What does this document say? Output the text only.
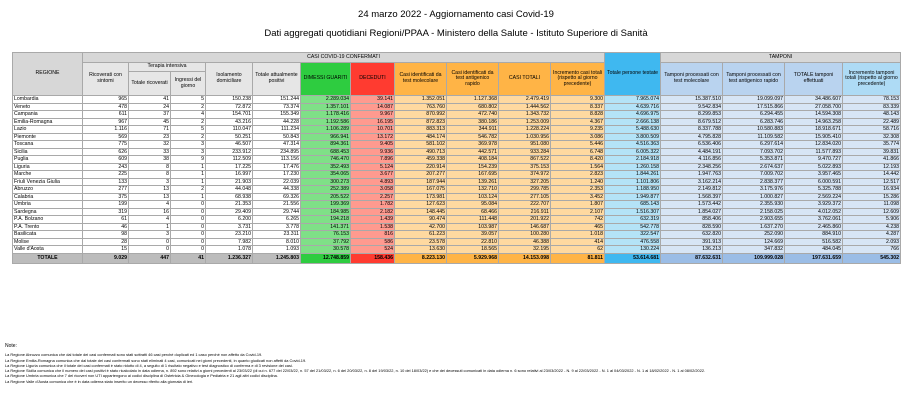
24 marzo 2022 - Aggiornamento casi Covid-19
Dati aggregati quotidiani Regioni/PPAA - Ministero della Salute - Istituto Superiore di Sanità
REGIONE	CASI COVID-19 CONFERMATI											Totale persone testate	TAMPONI			
	Ricoverati con sintomi	Terapia intensiva		Isolamento domiciliare	Totale attualmente positivi	DIMESSI GUARITI	DECEDUTI	Casi identificati da test molecolare	Casi identificati da test antigenico rapido	CASI TOTALI	Incremento casi totali (rispetto al giorno precedente)		Tamponi processati con test molecolare	Tamponi processati con test antigenico rapido	TOTALE tamponi effettuati	Incremento tamponi totali (rispetto al giorno precedente)
		Totale ricoverati	Ingressi del giorno													
Lombardia	965	41	5	150.238	151.244	2.289.034	39.141	1.352.051	1.127.368	2.479.419	9.300	7.965.074	15.387.510	19.099.097	34.486.607	78.153
Veneto	478	24	2	72.872	73.374	1.357.101	14.087	763.760	680.802	1.444.562	8.337	4.639.716	9.542.834	17.515.866	27.058.700	83.339
Campania	611	37	4	154.701	155.349	1.178.416	9.967	870.992	472.740	1.343.732	8.828	4.696.975	8.299.853	6.294.455	14.594.308	48.143
Emilia-Romagna	967	45	2	43.216	44.228	1.192.586	16.195	872.823	380.186	1.253.009	4.367	2.666.138	8.679.512	6.283.746	14.963.258	22.489
Lazio	1.116	71	5	110.047	111.234	1.106.289	10.701	883.313	344.911	1.228.224	9.235	5.488.630	8.337.788	10.580.883	18.918.671	58.716
Piemonte	569	23	2	50.251	50.843	966.941	13.172	484.174	546.782	1.030.956	3.086	3.800.509	4.795.828	11.109.582	15.905.410	32.308
Toscana	775	32	3	46.507	47.314	894.361	9.405	581.102	369.978	951.080	5.446	4.516.363	6.536.406	6.297.614	12.834.020	35.774
Sicilia	626	33	3	233.912	234.895	688.453	9.936	490.713	442.571	933.284	6.748	6.005.322	4.484.191	7.093.702	11.577.893	39.831
Puglia	609	38	9	112.509	113.156	746.470	7.896	459.338	408.184	867.522	8.420	2.184.918	4.116.856	5.353.871	9.470.727	41.866
Liguria	243	8	1	17.225	17.476	352.493	5.124	220.914	154.239	375.153	1.564	1.260.158	2.348.256	2.674.637	5.022.893	12.193
Marche	225	8	1	16.997	17.230	354.065	3.677	207.277	167.695	374.972	2.823	1.844.261	1.947.763	7.009.702	3.957.465	14.442
Friuli Venezia Giulia	133	3	1	21.903	22.039	300.273	4.893	187.944	139.261	327.205	1.240	1.101.806	3.162.214	2.838.377	6.000.591	12.517
Abruzzo	277	13	2	44.048	44.338	252.389	3.058	167.075	132.710	299.785	2.353	1.188.950	2.149.812	3.175.976	5.325.788	16.934
Calabria	375	13	1	68.938	69.326	205.522	2.257	173.981	103.124	277.105	3.452	1.949.877	1.568.397	1.000.827	2.569.224	15.286
Umbria	199	4	0	21.353	21.556	199.369	1.782	127.623	95.084	222.707	1.807	685.143	1.573.442	2.355.930	3.929.372	11.098
Sardegna	319	16	0	29.409	29.744	184.985	2.182	148.445	68.466	216.911	2.107	1.516.307	1.854.027	2.158.025	4.012.052	12.609
P.A. Bolzano	61	4	0	6.200	6.265	194.218	1.439	90.474	111.448	201.922	742	632.319	858.406	2.903.655	3.762.061	5.906
P.A. Trento	46	1	0	3.731	3.778	141.371	1.538	42.700	103.987	146.687	465	542.778	828.590	1.637.270	2.465.860	4.238
Basilicata	98	3	0	23.210	23.311	76.153	816	61.223	39.057	100.280	1.018	322.547	632.820	252.090	884.910	4.287
Molise	28	0	0	7.982	8.010	37.792	586	23.578	22.810	46.388	414	476.558	391.913	124.669	516.582	2.093
Valle d'Aosta	15	0	0	1.078	1.093	30.578	524	13.630	18.565	32.195	62	130.224	136.213	347.832	484.045	766
TOTALE	9.029	447	41	1.236.327	1.245.803	12.748.859	158.436	8.223.130	5.929.968	14.153.098	81.811	53.614.681	87.632.631	109.999.028	197.631.659	545.302
Note:
La Regione Abruzzo comunica che dal totale dei casi confermati sono stati sottratti 46 casi perché duplicati ed 1 caso perché non affetto da Covid-19.
La Regione Emilia-Romagna comunica che dal totale dei casi confermati sono stati eliminati 4 casi, comunicati nei giorni precedenti, in quanto giudicati non affetti da Covid-19.
La Regione Liguria comunica che il totale dei casi confermati è stato ridotto di 4, a seguito di 1 risultato negativo e test diagnostico di conferma e di 3 revisione dei casi.
La Regione Sicilia comunica che il numero dei casi positivi è stato ricalcolato in data odierna, n. 892 sono relativi a giorni precedenti al 23/03/22 (di cui n. 677 del 22/03/22, n. 57 del 21/03/22, n. 6 del 20/03/22, n. 8 del 19/03/22, n. 10 del 18/03/22) e che dei decessuti comunicati in data odierna n. 6 sono relativi al 23/03/2022 - N. 9 al 22/03/2022 - N. 1 al 04/03/2022 - N. 1 al 18/02/2022 - N. 1 al 08/02/2022.
La Regione Umbria comunica che 7 dei ricoveri non UTI appartengono ai codici disciplina di Ostetricia & Ginecologia e Pediatria e 21 agli altri codici disciplina.
La Regione Valle d'Aosta comunica che è in data odierna stato inserito un decesso riferito alla giornata di ieri.
